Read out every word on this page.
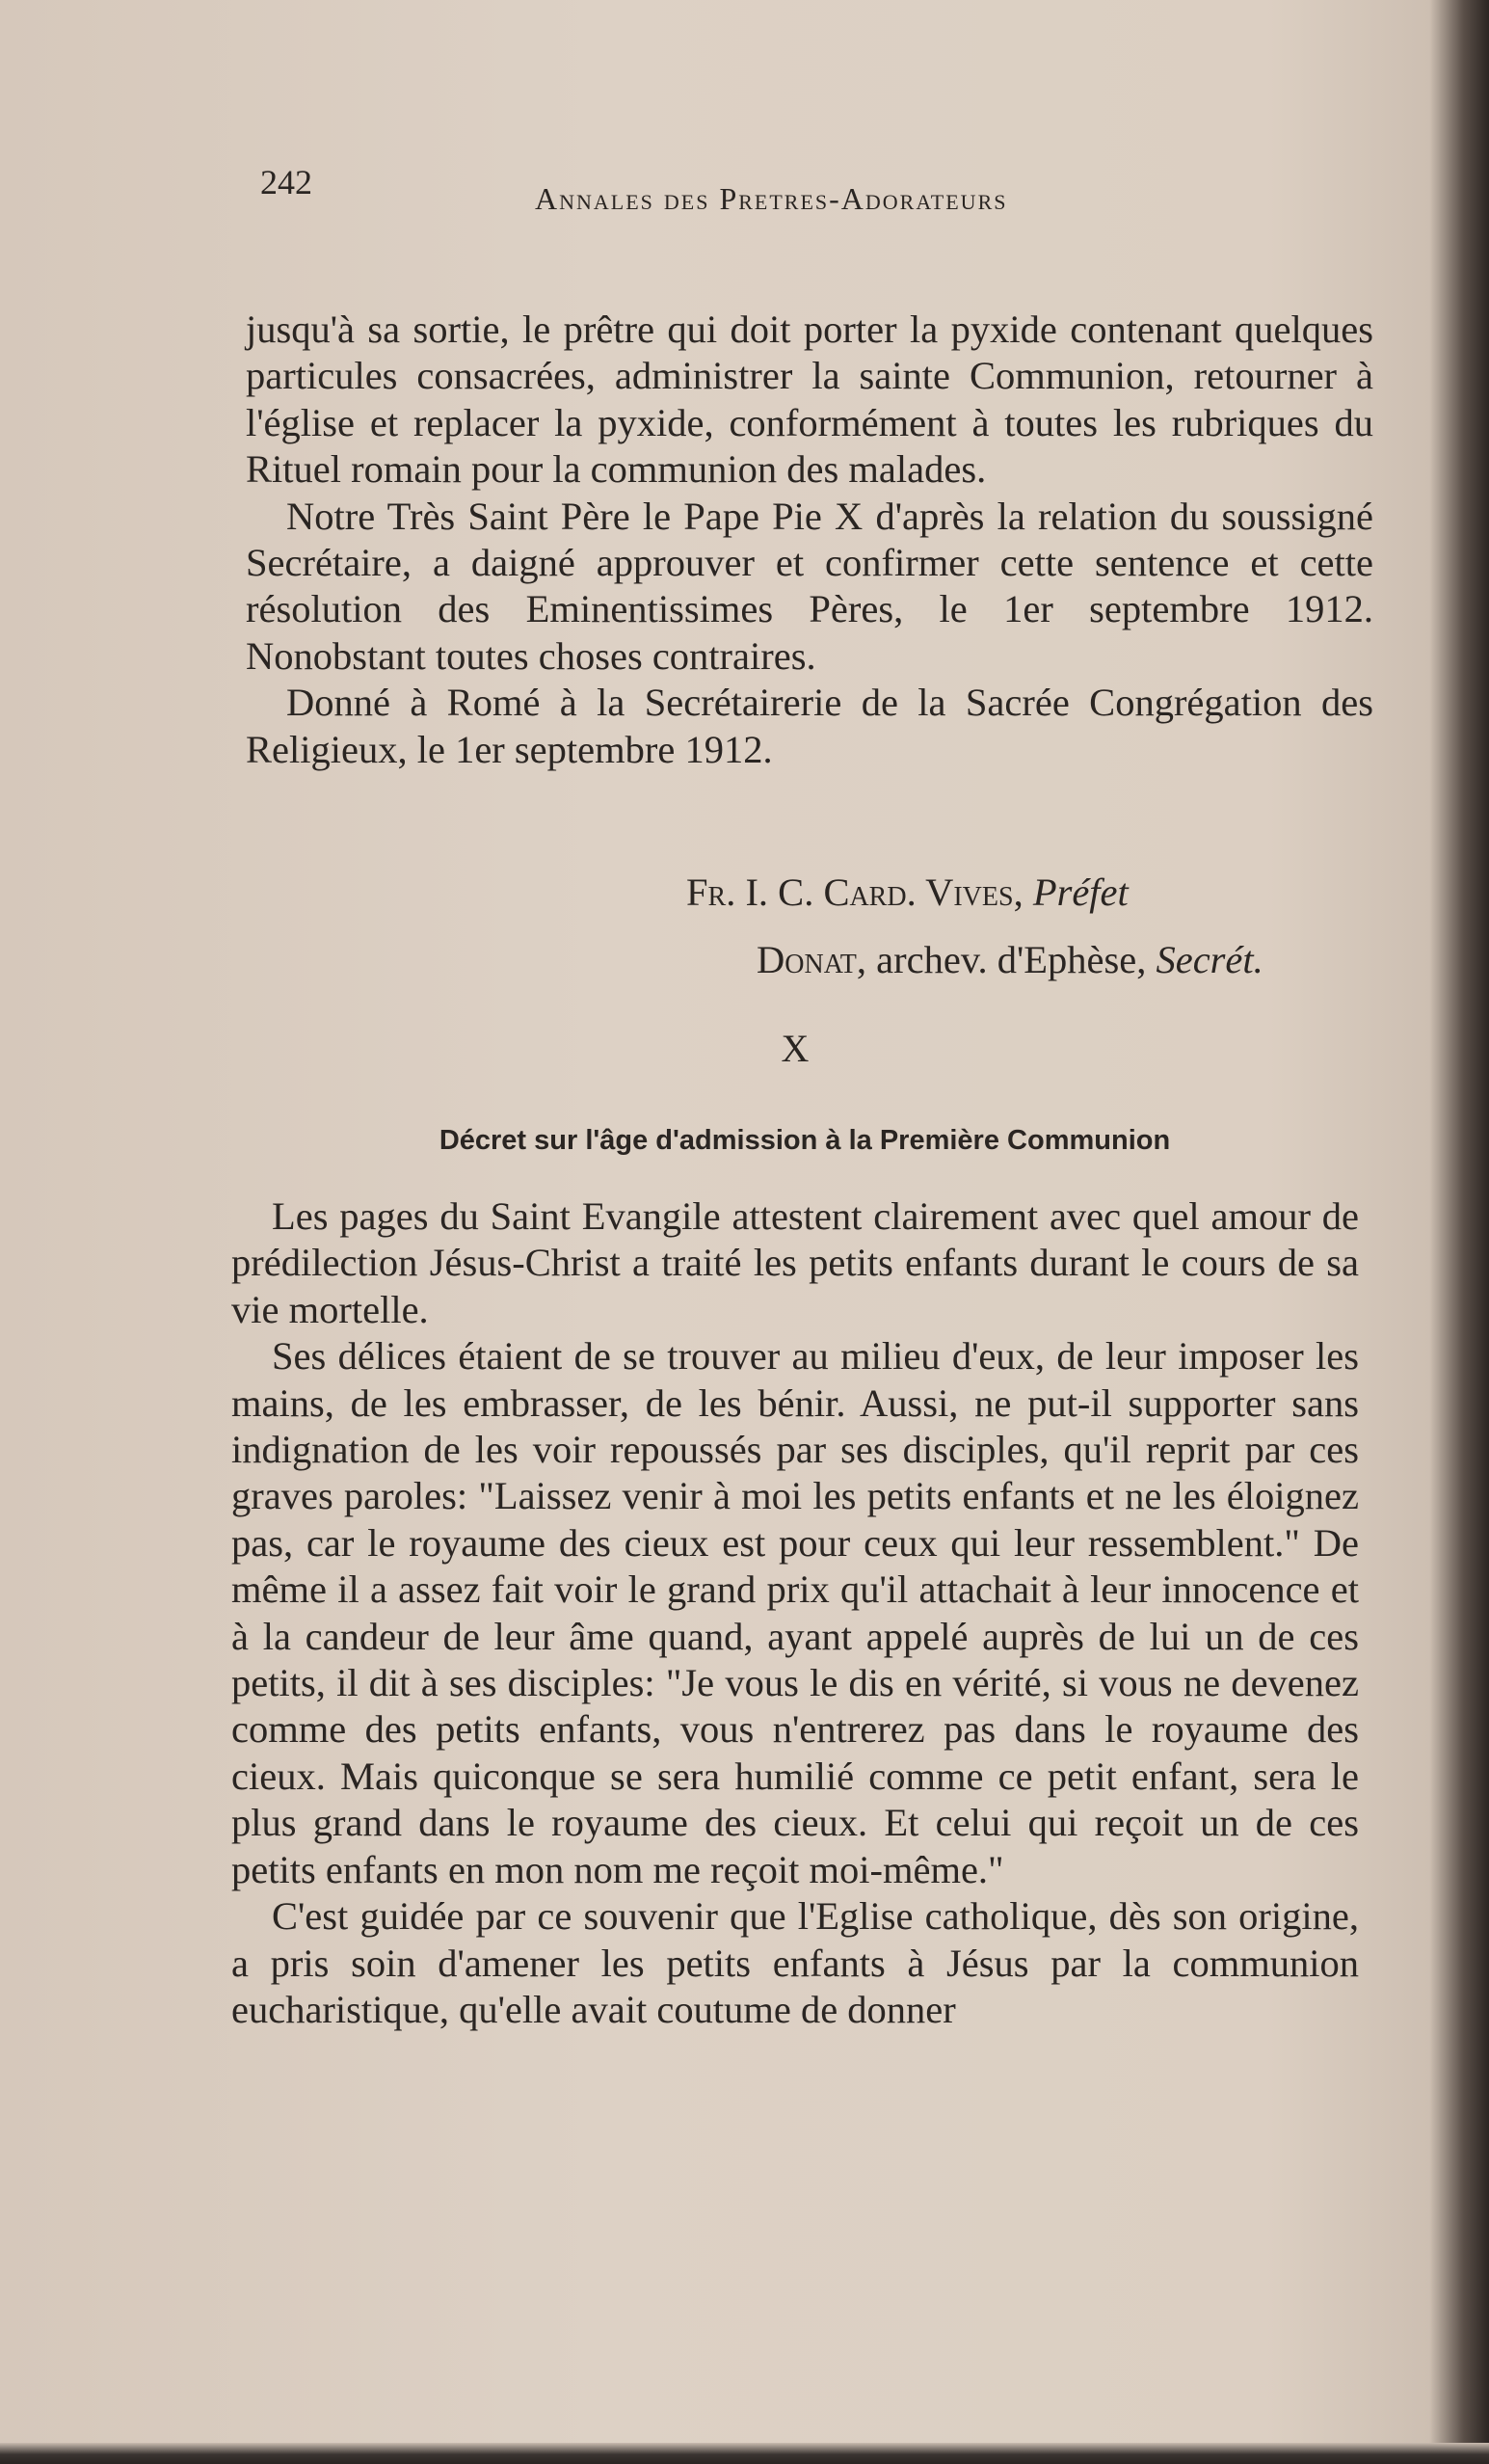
242	Annales des Pretres-Adorateurs

jusqu'à sa sortie, le prêtre qui doit porter la pyxide contenant quelques particules consacrées, administrer la sainte Communion, retourner à l'église et replacer la pyxide, conformément à toutes les rubriques du Rituel romain pour la communion des malades.

Notre Très Saint Père le Pape Pie X d'après la relation du soussigné Secrétaire, a daigné approuver et confirmer cette sentence et cette résolution des Eminentissimes Pères, le 1er septembre 1912. Nonobstant toutes choses contraires.

Donné à Romé à la Secrétairerie de la Sacrée Congrégation des Religieux, le 1er septembre 1912.

Fr. I. C. Card. Vives, Préfet
Donat, archev. d'Ephèse, Secrét.
X
Décret sur l'âge d'admission à la Première Communion

Les pages du Saint Evangile attestent clairement avec quel amour de prédilection Jésus-Christ a traité les petits enfants durant le cours de sa vie mortelle.

Ses délices étaient de se trouver au milieu d'eux, de leur imposer les mains, de les embrasser, de les bénir. Aussi, ne put-il supporter sans indignation de les voir repoussés par ses disciples, qu'il reprit par ces graves paroles: "Laissez venir à moi les petits enfants et ne les éloignez pas, car le royaume des cieux est pour ceux qui leur ressemblent." De même il a assez fait voir le grand prix qu'il attachait à leur innocence et à la candeur de leur âme quand, ayant appelé auprès de lui un de ces petits, il dit à ses disciples: "Je vous le dis en vérité, si vous ne devenez comme des petits enfants, vous n'entrerez pas dans le royaume des cieux. Mais quiconque se sera humilié comme ce petit enfant, sera le plus grand dans le royaume des cieux. Et celui qui reçoit un de ces petits enfants en mon nom me reçoit moi-même."

C'est guidée par ce souvenir que l'Eglise catholique, dès son origine, a pris soin d'amener les petits enfants à Jésus par la communion eucharistique, qu'elle avait coutume de donner
